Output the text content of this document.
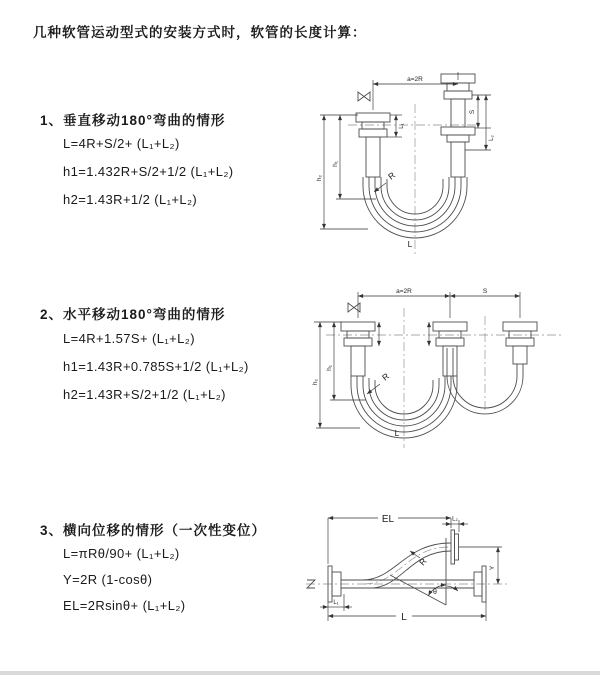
几种软管运动型式的安装方式时，软管的长度计算：
1、垂直移动180°弯曲的情形
L=4R+S/2+ (L₁+L₂)
h1=1.432R+S/2+1/2 (L₁+L₂)
h2=1.43R+1/2 (L₁+L₂)
2、水平移动180°弯曲的情形
L=4R+1.57S+ (L₁+L₂)
h1=1.43R+0.785S+1/2 (L₁+L₂)
h2=1.43R+S/2+1/2 (L₁+L₂)
3、横向位移的情形（一次性变位）
L=πRθ/90+ (L₁+L₂)
Y=2R (1-cosθ)
EL=2Rsinθ+ (L₁+L₂)
a=2R
h₁
h₂
L₁
S
L₂
R
L
a=2R	S
h₁
h₂	R
L
EL	L₂
Y
L
L₁
θ
R
